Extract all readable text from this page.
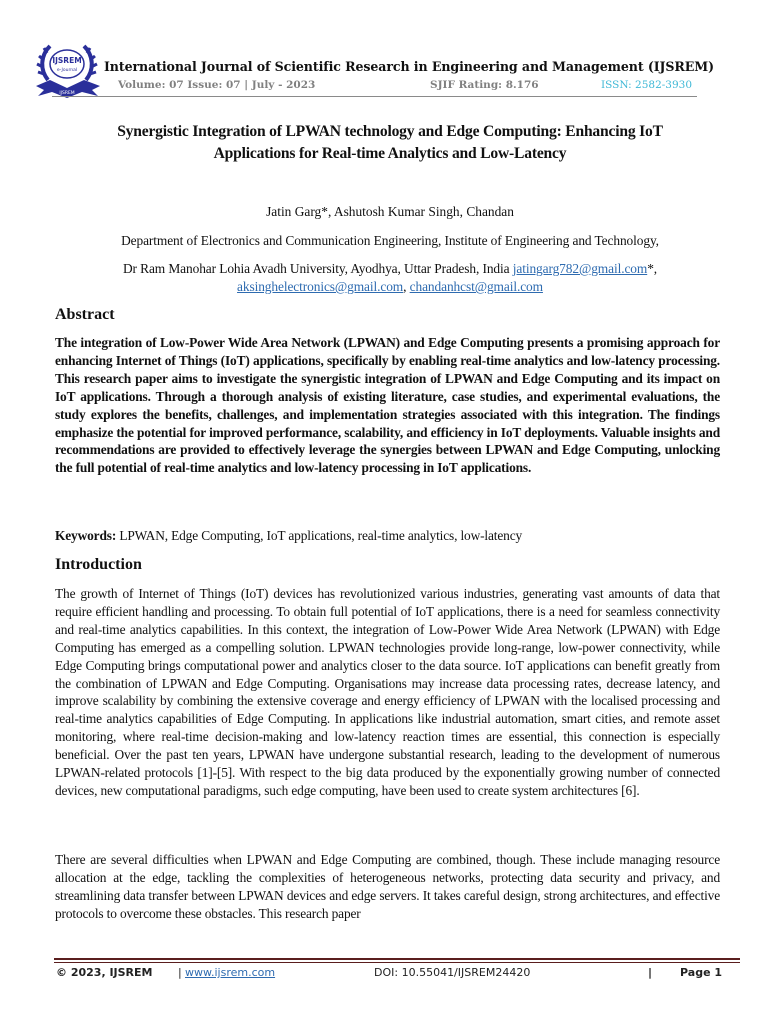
IJSREM
e-Journal
IJSREM
International Journal of Scientific Research in Engineering and Management (IJSREM)
Volume: 07 Issue: 07 | July - 2023	SJIF Rating: 8.176	ISSN: 2582-3930
Synergistic Integration of LPWAN technology and Edge Computing: Enhancing IoT
Applications for Real-time Analytics and Low-Latency
Jatin Garg*, Ashutosh Kumar Singh, Chandan
Department of Electronics and Communication Engineering, Institute of Engineering and Technology,
Dr Ram Manohar Lohia Avadh University, Ayodhya, Uttar Pradesh, India jatingarg782@gmail.com*,
aksinghelectronics@gmail.com, chandanhcst@gmail.com
Abstract
The integration of Low-Power Wide Area Network (LPWAN) and Edge Computing presents a promising approach for enhancing Internet of Things (IoT) applications, specifically by enabling real-time analytics and low-latency processing. This research paper aims to investigate the synergistic integration of LPWAN and Edge Computing and its impact on IoT applications. Through a thorough analysis of existing literature, case studies, and experimental evaluations, the study explores the benefits, challenges, and implementation strategies associated with this integration. The findings emphasize the potential for improved performance, scalability, and efficiency in IoT deployments. Valuable insights and recommendations are provided to effectively leverage the synergies between LPWAN and Edge Computing, unlocking the full potential of real-time analytics and low-latency processing in IoT applications.
Keywords: LPWAN, Edge Computing, IoT applications, real-time analytics, low-latency
Introduction
The growth of Internet of Things (IoT) devices has revolutionized various industries, generating vast amounts of data that require efficient handling and processing. To obtain full potential of IoT applications, there is a need for seamless connectivity and real-time analytics capabilities. In this context, the integration of Low-Power Wide Area Network (LPWAN) with Edge Computing has emerged as a compelling solution. LPWAN technologies provide long-range, low-power connectivity, while Edge Computing brings computational power and analytics closer to the data source. IoT applications can benefit greatly from the combination of LPWAN and Edge Computing. Organisations may increase data processing rates, decrease latency, and improve scalability by combining the extensive coverage and energy efficiency of LPWAN with the localised processing and real-time analytics capabilities of Edge Computing. In applications like industrial automation, smart cities, and remote asset monitoring, where real-time decision-making and low-latency reaction times are essential, this connection is especially beneficial. Over the past ten years, LPWAN have undergone substantial research, leading to the development of numerous LPWAN-related protocols [1]-[5]. With respect to the big data produced by the exponentially growing number of connected devices, new computational paradigms, such edge computing, have been used to create system architectures [6].
There are several difficulties when LPWAN and Edge Computing are combined, though. These include managing resource allocation at the edge, tackling the complexities of heterogeneous networks, protecting data security and privacy, and streamlining data transfer between LPWAN devices and edge servers. It takes careful design, strong architectures, and effective protocols to overcome these obstacles. This research paper
© 2023, IJSREM | www.ijsrem.com	DOI: 10.55041/IJSREM24420	|	Page 1
